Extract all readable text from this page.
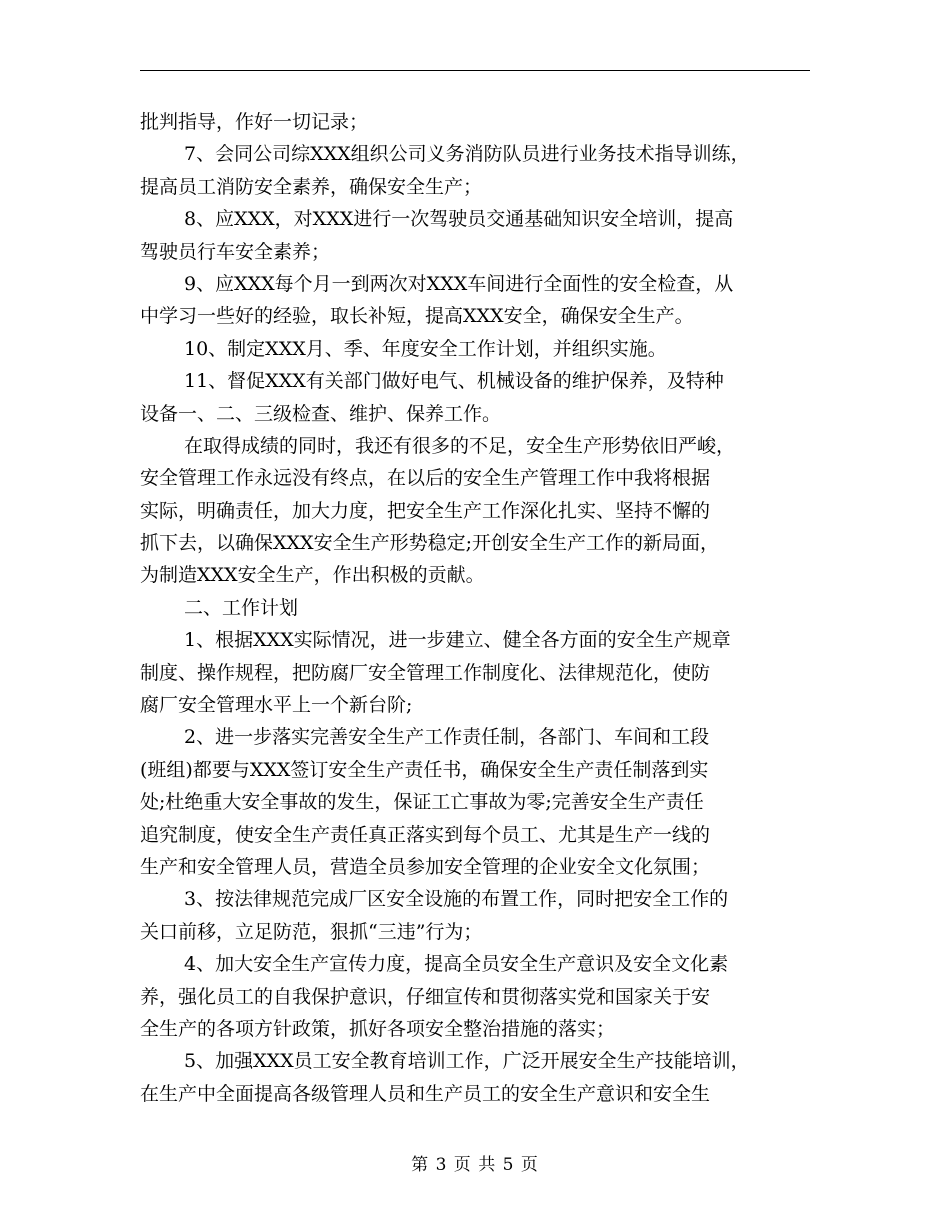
批判指导，作好一切记录；
7、会同公司综XXX组织公司义务消防队员进行业务技术指导训练，
提高员工消防安全素养，确保安全生产；
8、应XXX，对XXX进行一次驾驶员交通基础知识安全培训，提高
驾驶员行车安全素养；
9、应XXX每个月一到两次对XXX车间进行全面性的安全检查，从
中学习一些好的经验，取长补短，提高XXX安全，确保安全生产。
10、制定XXX月、季、年度安全工作计划，并组织实施。
11、督促XXX有关部门做好电气、机械设备的维护保养，及特种
设备一、二、三级检查、维护、保养工作。
在取得成绩的同时，我还有很多的不足，安全生产形势依旧严峻，
安全管理工作永远没有终点，在以后的安全生产管理工作中我将根据
实际，明确责任，加大力度，把安全生产工作深化扎实、坚持不懈的
抓下去，以确保XXX安全生产形势稳定;开创安全生产工作的新局面，
为制造XXX安全生产，作出积极的贡献。
二、工作计划
1、根据XXX实际情况，进一步建立、健全各方面的安全生产规章
制度、操作规程，把防腐厂安全管理工作制度化、法律规范化，使防
腐厂安全管理水平上一个新台阶;
2、进一步落实完善安全生产工作责任制，各部门、车间和工段
(班组)都要与XXX签订安全生产责任书，确保安全生产责任制落到实
处;杜绝重大安全事故的发生，保证工亡事故为零;完善安全生产责任
追究制度，使安全生产责任真正落实到每个员工、尤其是生产一线的
生产和安全管理人员，营造全员参加安全管理的企业安全文化氛围；
3、按法律规范完成厂区安全设施的布置工作，同时把安全工作的
关口前移，立足防范，狠抓“三违”行为；
4、加大安全生产宣传力度，提高全员安全生产意识及安全文化素
养，强化员工的自我保护意识，仔细宣传和贯彻落实党和国家关于安
全生产的各项方针政策，抓好各项安全整治措施的落实；
5、加强XXX员工安全教育培训工作，广泛开展安全生产技能培训，
在生产中全面提高各级管理人员和生产员工的安全生产意识和安全生
第 3 页 共 5 页
